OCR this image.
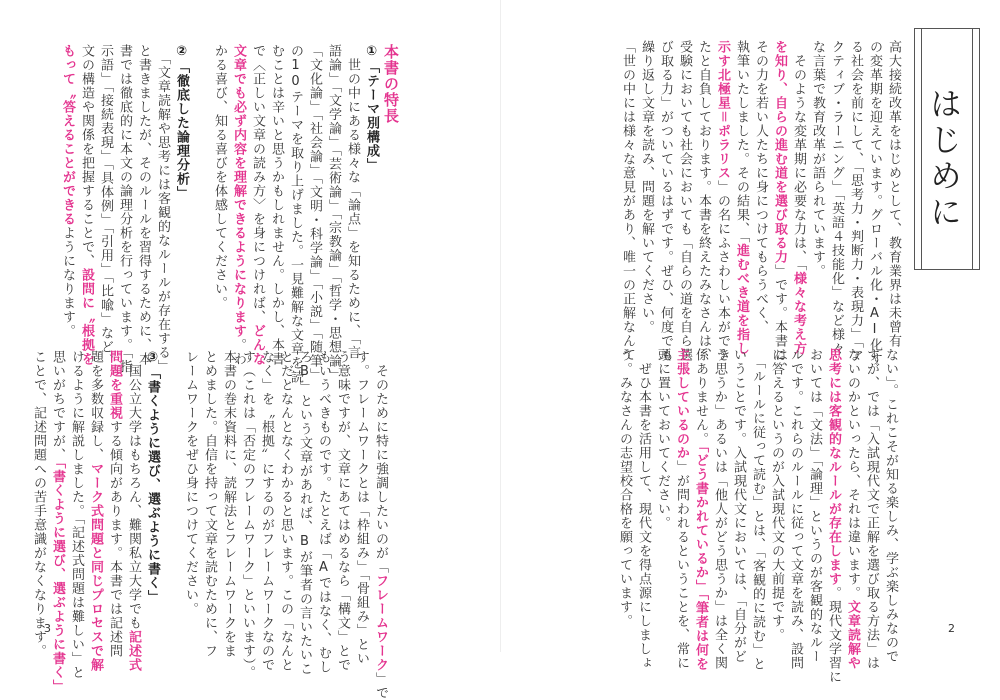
はじめに
高大接続改革をはじめとして、教育業界は未曾有
の変革期を迎えています。グローバル化・AI化す
る社会を前にして、「思考力・判断力・表現力」「ア
クティブ・ラーニング」「英語４技能化」など様々
な言葉で教育改革が語られています。
　そのような変革期に必要な力は、「様々な考え方
を知り、自らの進む道を選び取る力」です。本書は、
その力を若い人たちに身につけてもらうべく、
執筆いたしました。その結果、「進むべき道を指し
示す北極星＝ポラリス」の名にふさわしい本ができ
たと自負しております。本書を終えたみなさんは、
受験においても社会においても「自らの道を自ら選
び取る力」がついているはずです。ぜひ、何度でも
繰り返し文章を読み、問題を解いてください。
「世の中には様々な意見があり、唯一の正解なんて
ない」。これこそが知る楽しみ、学ぶ楽しみなので
すが、では「入試現代文で正解を選び取る方法」は
ないのかといったら、それは違います。文章読解や
思考には客観的なルールが存在します。現代文学習に
おいては「文法」「論理」というのが客観的なルー
ルです。これらのルールに従って文章を読み、設問
に答えるというのが入試現代文の大前提です。
　「ルールに従って読む」とは、「客観的に読む」と
いうことです。入試現代文においては、「自分がど
う思うか」あるいは「他人がどう思うか」は全く関
係ありません。「どう書かれているか」「筆者は何を
主張しているのか」が問われるということを、常に
頭に置いておいてください。
　ぜひ本書を活用して、現代文を得点源にしましょ
う。みなさんの志望校合格を願っています。
2
本書の特長
①「テーマ別構成」
　世の中にある様々な「論点」を知るために、「言
語論」「文学論」「芸術論」「宗教論」「哲学・思想論」
「文化論」「社会論」「文明・科学論」「小説」「随筆」
の10テーマを取り上げました。一見難解な文章を読
むことは辛いと思うかもしれません。しかし、本書
で〈正しい文章の読み方〉を身につければ、どんな
文章でも必ず内容を理解できるようになります。わ
かる喜び、知る喜びを体感してください。

②「徹底した論理分析」
　「文章読解や思考には客観的なルールが存在する」
と書きましたが、そのルールを習得するために、本
書では徹底的に本文の論理分析を行っています。「指
示語」「接続表現」「具体例」「引用」「比喩」など、
文の構造や関係を把握することで、設問に〝根拠を
もって〝答えることができるようになります。
　そのために特に強調したいのが「フレームワーク」で
す。フレームワークとは「枠組み」「骨組み」とい
う意味ですが、文章にあてはめるなら「構文」とで
もいうべきものです。たとえば「Aではなく、むし
ろB」という文章があれば、Bが筆者の言いたいこ
とだとなんとなくわかると思います。この「なんと
なく」を〝根拠〟にするのがフレームワークなので
す（これは「否定のフレームワーク」といいます）。
本書の巻末資料に、読解法とフレームワークをま
とめました。自信を持って文章を読むために、フ
レームワークをぜひ身につけてください。

③「書くように選び、選ぶように書く」
　国公立大学はもちろん、難関私立大学でも記述式
問題を重視する傾向があります。本書では記述問
題を多数収録し、マーク式問題と同じプロセスで解
けるように解説しました。「記述式問題は難しい」と
思いがちですが、「書くように選び、選ぶように書く」
ことで、記述問題への苦手意識がなくなります。
3
